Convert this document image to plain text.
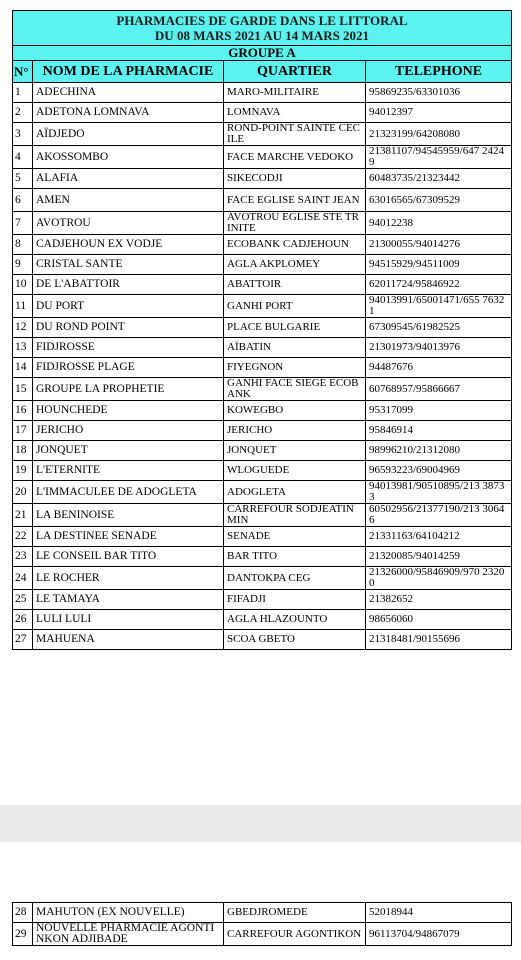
PHARMACIES DE GARDE DANS LE LITTORAL
DU 08 MARS 2021 AU 14 MARS 2021			

GROUPE A			
N°	NOM DE LA PHARMACIE	QUARTIER	TELEPHONE
1	ADECHINA	MARO-MILITAIRE	95869235/63301036
2	ADETONA LOMNAVA	LOMNAVA	94012397
3	AÏDJEDO	ROND-POINT SAINTE CECILE	21323199/64208080
4	AKOSSOMBO	FACE MARCHE VEDOKO	21381107/94545959/647 24249
5	ALAFIA	SIKECODJI	60483735/21323442
6	AMEN	FACE EGLISE SAINT JEAN	63016565/67309529
7	AVOTROU	AVOTROU EGLISE STE TRINITE	94012238
8	CADJEHOUN EX VODJE	ECOBANK CADJEHOUN	21300055/94014276
9	CRISTAL SANTE	AGLA AKPLOMEY	94515929/94511009
10	DE L'ABATTOIR	ABATTOIR	62011724/95846922
11	DU PORT	GANHI PORT	94013991/65001471/655 76321
12	DU ROND POINT	PLACE BULGARIE	67309545/61982525
13	FIDJROSSE	AÏBATIN	21301973/94013976
14	FIDJROSSE PLAGE	FIYEGNON	94487676
15	GROUPE LA PROPHETIE	GANHI FACE SIEGE ECOBANK	60768957/95866667
16	HOUNCHEDE	KOWEGBO	95317099
17	JERICHO	JERICHO	95846914
18	JONQUET	JONQUET	98996210/21312080
19	L'ETERNITE	WLOGUEDE	96593223/69004969
20	L'IMMACULEE DE ADOGLETA	ADOGLETA	94013981/90510895/213 38733
21	LA BENINOISE	CARREFOUR SODJEATINMIN	60502956/21377190/213 30646
22	LA DESTINEE SENADE	SENADE	21331163/64104212
23	LE CONSEIL BAR TITO	BAR TITO	21320085/94014259
24	LE ROCHER	DANTOKPA CEG	21326000/95846909/970 23200
25	LE TAMAYA	FIFADJI	21382652
26	LULI LULI	AGLA HLAZOUNTO	98656060
27	MAHUENA	SCOA GBETO	21318481/90155696
28	MAHUTON (EX NOUVELLE)	GBEDJROMEDE	52018944
29	NOUVELLE PHARMACIE AGONTINKON ADJIBADE	CARREFOUR AGONTIKON	96113704/94867079
